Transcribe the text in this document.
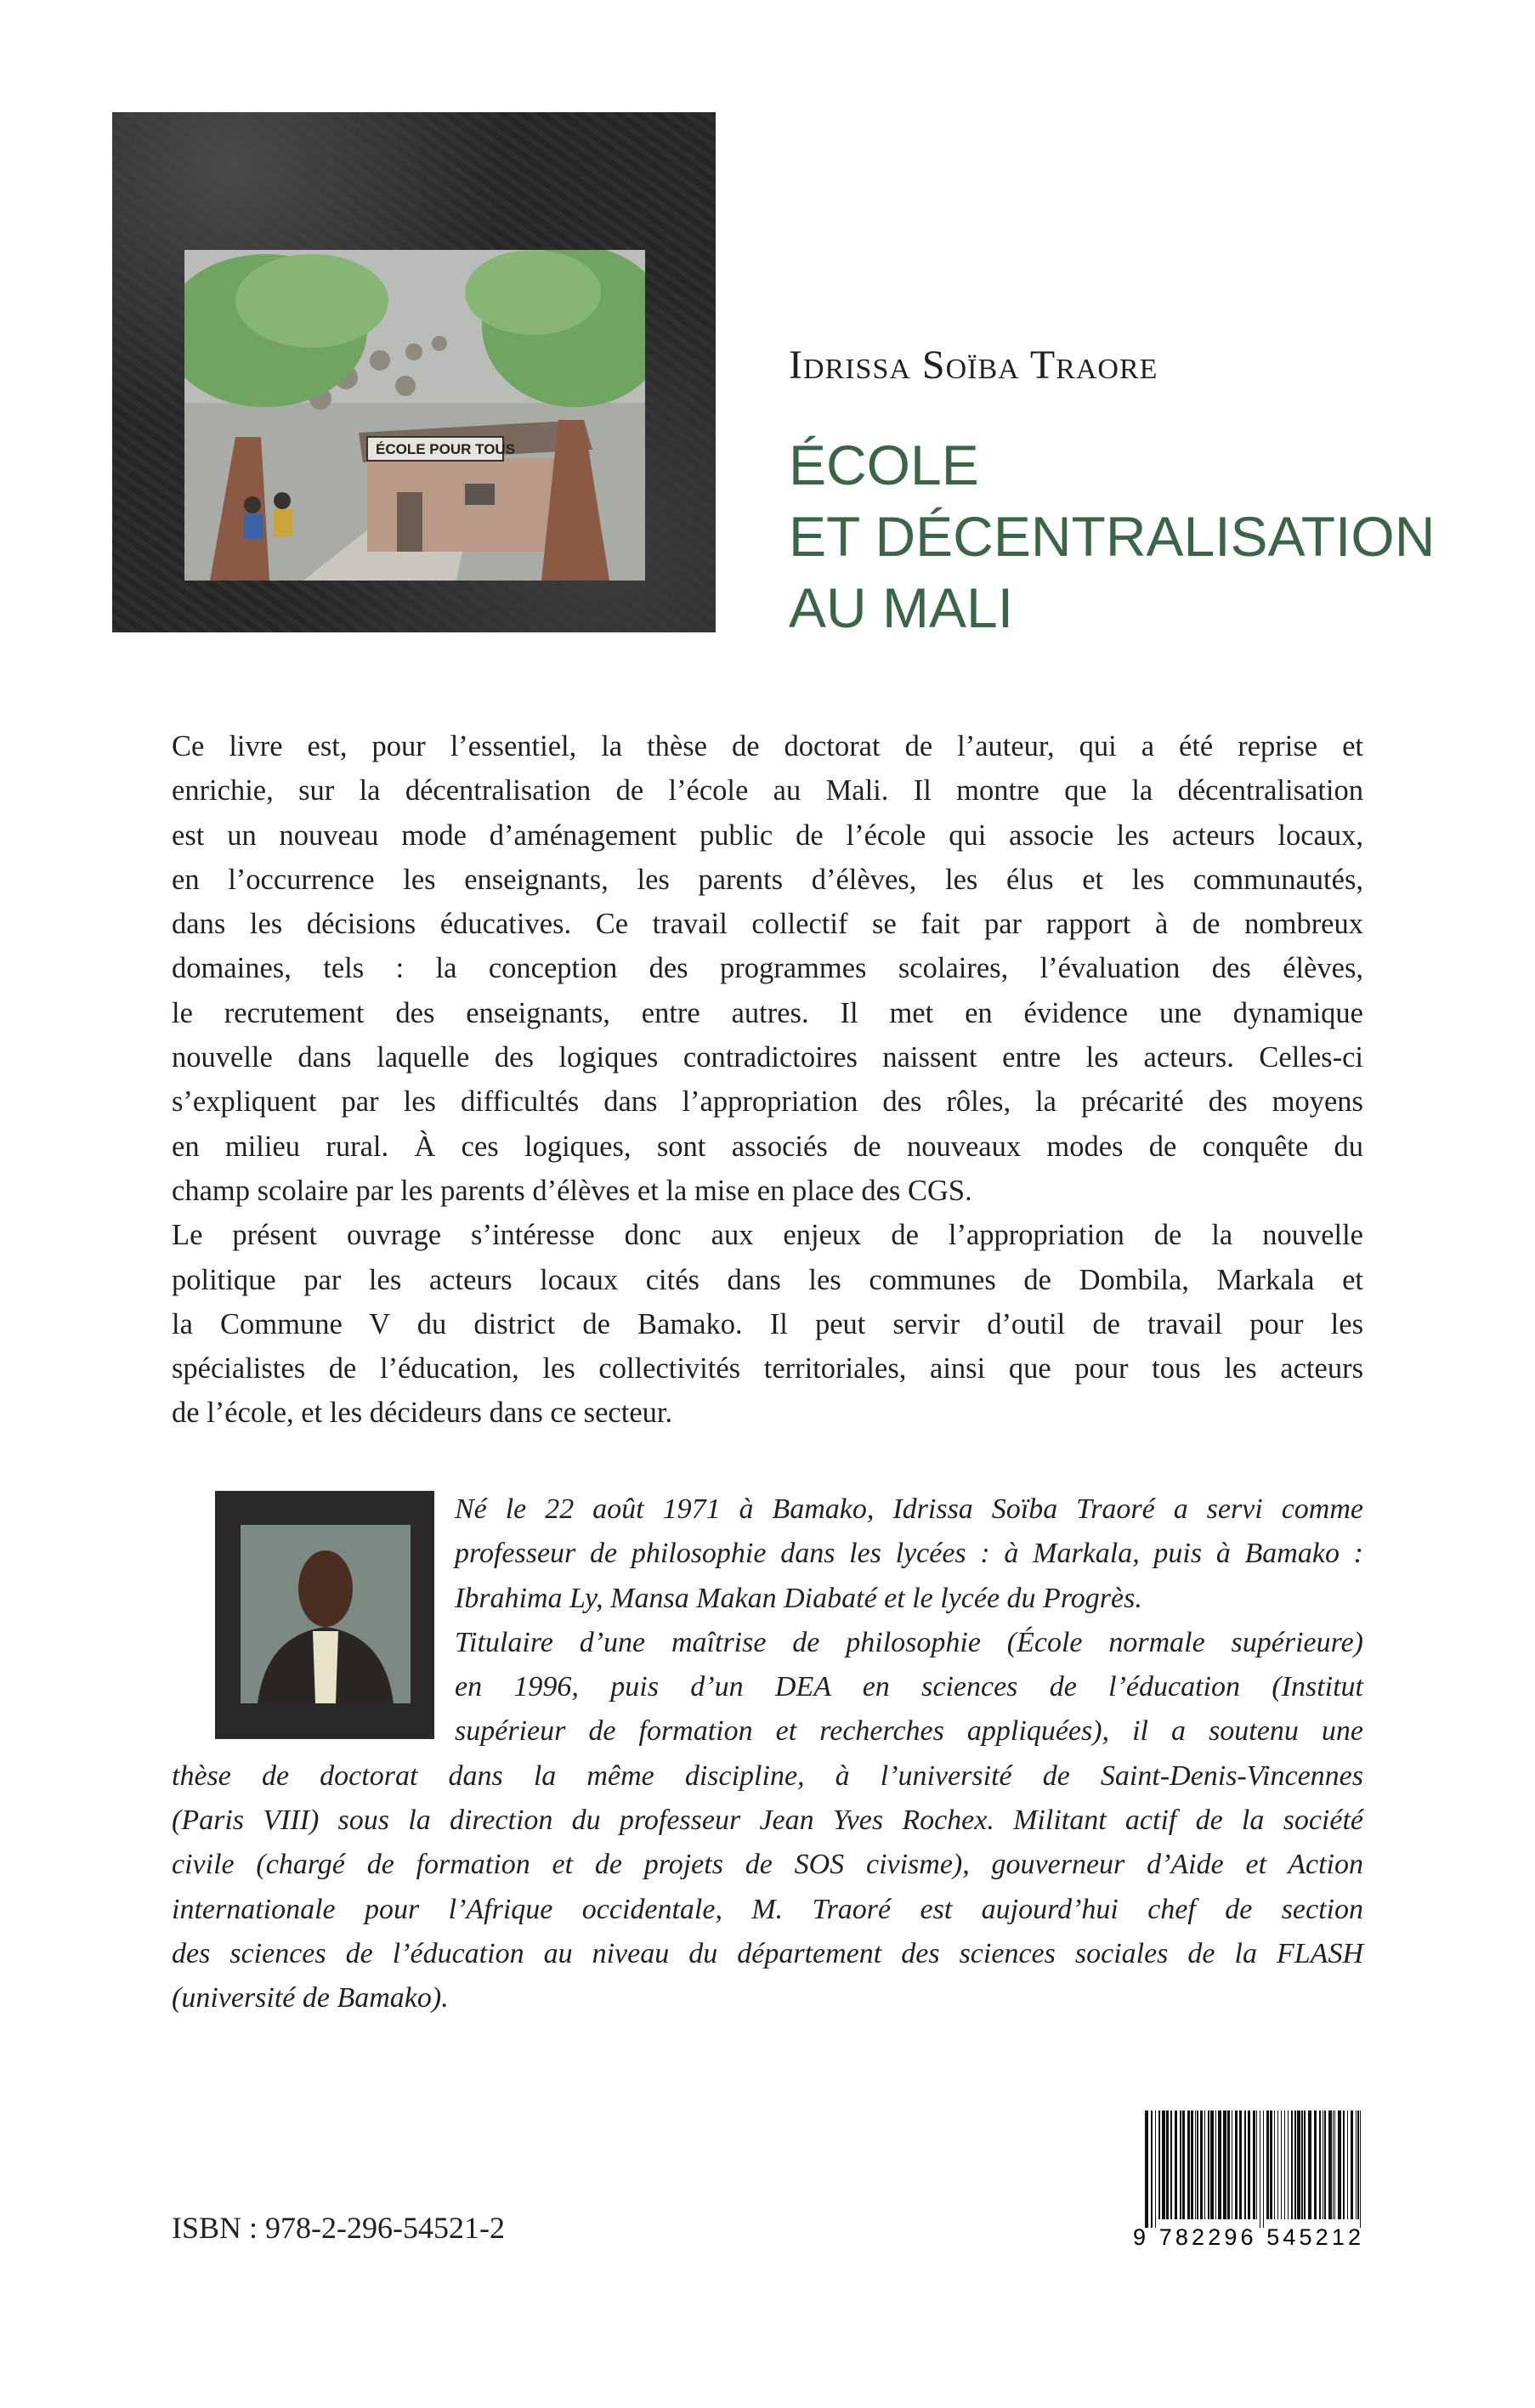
ÉCOLE POUR TOUS
Idrissa Soïba Traore
ÉCOLE
ET DÉCENTRALISATION
AU MALI
Ce livre est, pour l’essentiel, la thèse de doctorat de l’auteur, qui a été reprise et
enrichie, sur la décentralisation de l’école au Mali. Il montre que la décentralisation
est un nouveau mode d’aménagement public de l’école qui associe les acteurs locaux,
en l’occurrence les enseignants, les parents d’élèves, les élus et les communautés,
dans les décisions éducatives. Ce travail collectif se fait par rapport à de nombreux
domaines, tels : la conception des programmes scolaires, l’évaluation des élèves,
le recrutement des enseignants, entre autres. Il met en évidence une dynamique
nouvelle dans laquelle des logiques contradictoires naissent entre les acteurs. Celles-ci
s’expliquent par les difficultés dans l’appropriation des rôles, la précarité des moyens
en milieu rural. À ces logiques, sont associés de nouveaux modes de conquête du
champ scolaire par les parents d’élèves et la mise en place des CGS.
Le présent ouvrage s’intéresse donc aux enjeux de l’appropriation de la nouvelle
politique par les acteurs locaux cités dans les communes de Dombila, Markala et
la Commune V du district de Bamako. Il peut servir d’outil de travail pour les
spécialistes de l’éducation, les collectivités territoriales, ainsi que pour tous les acteurs
de l’école, et les décideurs dans ce secteur.
Né le 22 août 1971 à Bamako, Idrissa Soïba Traoré a servi comme
professeur de philosophie dans les lycées : à Markala, puis à Bamako :
Ibrahima Ly, Mansa Makan Diabaté et le lycée du Progrès.
Titulaire d’une maîtrise de philosophie (École normale supérieure)
en 1996, puis d’un DEA en sciences de l’éducation (Institut
supérieur de formation et recherches appliquées), il a soutenu une
thèse de doctorat dans la même discipline, à l’université de Saint-Denis-Vincennes
(Paris VIII) sous la direction du professeur Jean Yves Rochex. Militant actif de la société
civile (chargé de formation et de projets de SOS civisme), gouverneur d’Aide et Action
internationale pour l’Afrique occidentale, M. Traoré est aujourd’hui chef de section
des sciences de l’éducation au niveau du département des sciences sociales de la FLASH
(université de Bamako).
ISBN : 978-2-296-54521-2	9 782296 545212
